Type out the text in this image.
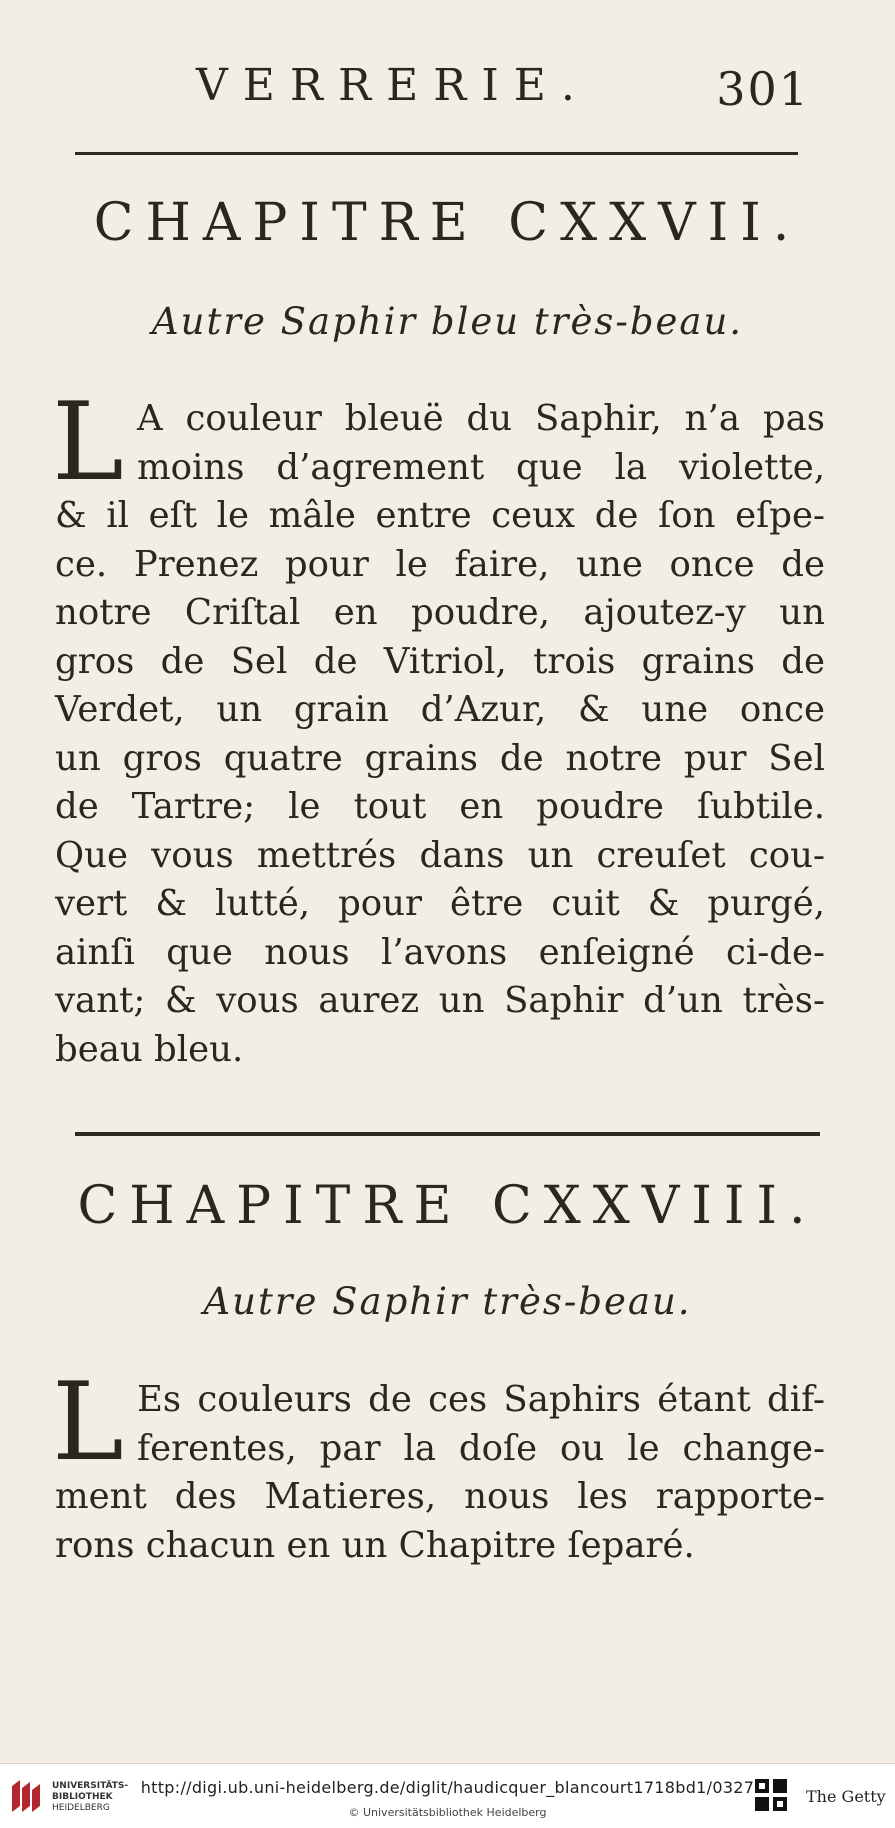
VERRERIE.	301
CHAPITRE CXXVII.
Autre Saphir bleu très-beau.
L A couleur bleuë du Saphir, n’a pas
moins d’agrement que la violette,
& il eſt le mâle entre ceux de ſon eſpe-
ce. Prenez pour le faire, une once de
notre Criſtal en poudre, ajoutez-y un
gros de Sel de Vitriol, trois grains de
Verdet, un grain d’Azur, & une once
un gros quatre grains de notre pur Sel
de Tartre; le tout en poudre ſubtile.
Que vous mettrés dans un creuſet cou-
vert & lutté, pour être cuit & purgé,
ainſi que nous l’avons enſeigné ci-de-
vant; & vous aurez un Saphir d’un très-
beau bleu.
CHAPITRE CXXVIII.
Autre Saphir très-beau.
L Es couleurs de ces Saphirs étant dif-
ferentes, par la doſe ou le change-
ment des Matieres, nous les rapporte-
rons chacun en un Chapitre ſeparé.
UNIVERSITÄTS-
BIBLIOTHEK
HEIDELBERG
http://digi.ub.uni-heidelberg.de/diglit/haudicquer_blancourt1718bd1/0327
© Universitätsbibliothek Heidelberg
The Getty
